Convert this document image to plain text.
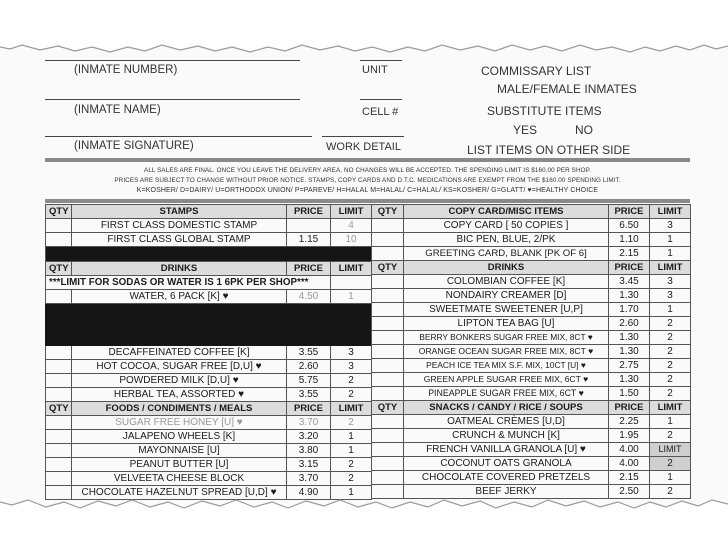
(INMATE NUMBER)
(INMATE NAME)
(INMATE SIGNATURE)
UNIT
CELL #
WORK DETAIL
COMMISSARY LIST
MALE/FEMALE INMATES
SUBSTITUTE ITEMS
YES	NO
LIST ITEMS ON OTHER SIDE
ALL SALES ARE FINAL. ONCE YOU LEAVE THE DELIVERY AREA, NO CHANGES WILL BE ACCEPTED. THE SPENDING LIMIT IS $160.00 PER SHOP.
PRICES ARE SUBJECT TO CHANGE WITHOUT PRIOR NOTICE. STAMPS, COPY CARDS AND D.T.C. MEDICATIONS ARE EXEMPT FROM THE $160.00 SPENDING LIMIT.
K=KOSHER/ D=DAIRY/ U=ORTHODOX UNION/ P=PAREVE/ H=HALAL M=HALAL/ C=HALAL/ KS=KOSHER/ G=GLATT/ ♥=HEALTHY CHOICE
QTY	STAMPS	PRICE	LIMIT
	FIRST CLASS DOMESTIC STAMP		4
	FIRST CLASS GLOBAL STAMP	1.15	10

QTY	DRINKS	PRICE	LIMIT
***LIMIT FOR SODAS OR WATER IS 1 6PK PER SHOP***			
	WATER, 6 PACK [K] ♥	4.50	1

	DECAFFEINATED COFFEE [K]	3.55	3
	HOT COCOA, SUGAR FREE [D,U] ♥	2.60	3
	POWDERED MILK [D,U] ♥	5.75	2
	HERBAL TEA, ASSORTED ♥	3.55	2
QTY	FOODS / CONDIMENTS / MEALS	PRICE	LIMIT
	SUGAR FREE HONEY [U] ♥	3.70	2
	JALAPENO WHEELS [K]	3.20	1
	MAYONNAISE [U]	3.80	1
	PEANUT BUTTER [U]	3.15	2
	VELVEETA CHEESE BLOCK	3.70	2
	CHOCOLATE HAZELNUT SPREAD [U,D] ♥	4.90	1
QTY	COPY CARD/MISC ITEMS	PRICE	LIMIT
	COPY CARD [ 50 COPIES ]	6.50	3
	BIC PEN, BLUE, 2/PK	1.10	1
	GREETING CARD, BLANK [PK OF 6]	2.15	1
QTY	DRINKS	PRICE	LIMIT
	COLOMBIAN COFFEE [K]	3.45	3
	NONDAIRY CREAMER [D]	1.30	3
	SWEETMATE SWEETENER [U,P]	1.70	1
	LIPTON TEA BAG [U]	2.60	2
	BERRY BONKERS SUGAR FREE MIX, 8CT ♥	1.30	2
	ORANGE OCEAN SUGAR FREE MIX, 8CT ♥	1.30	2
	PEACH ICE TEA MIX S.F. MIX, 10CT [U] ♥	2.75	2
	GREEN APPLE SUGAR FREE MIX, 6CT ♥	1.30	2
	PINEAPPLE SUGAR FREE MIX, 6CT ♥	1.50	2
QTY	SNACKS / CANDY / RICE / SOUPS	PRICE	LIMIT
	OATMEAL CRÈMES [U,D]	2.25	1
	CRUNCH & MUNCH [K]	1.95	2
	FRENCH VANILLA GRANOLA [U] ♥	4.00	LIMIT
	COCONUT OATS GRANOLA	4.00	2
	CHOCOLATE COVERED PRETZELS	2.15	1
	BEEF JERKY	2.50	2
